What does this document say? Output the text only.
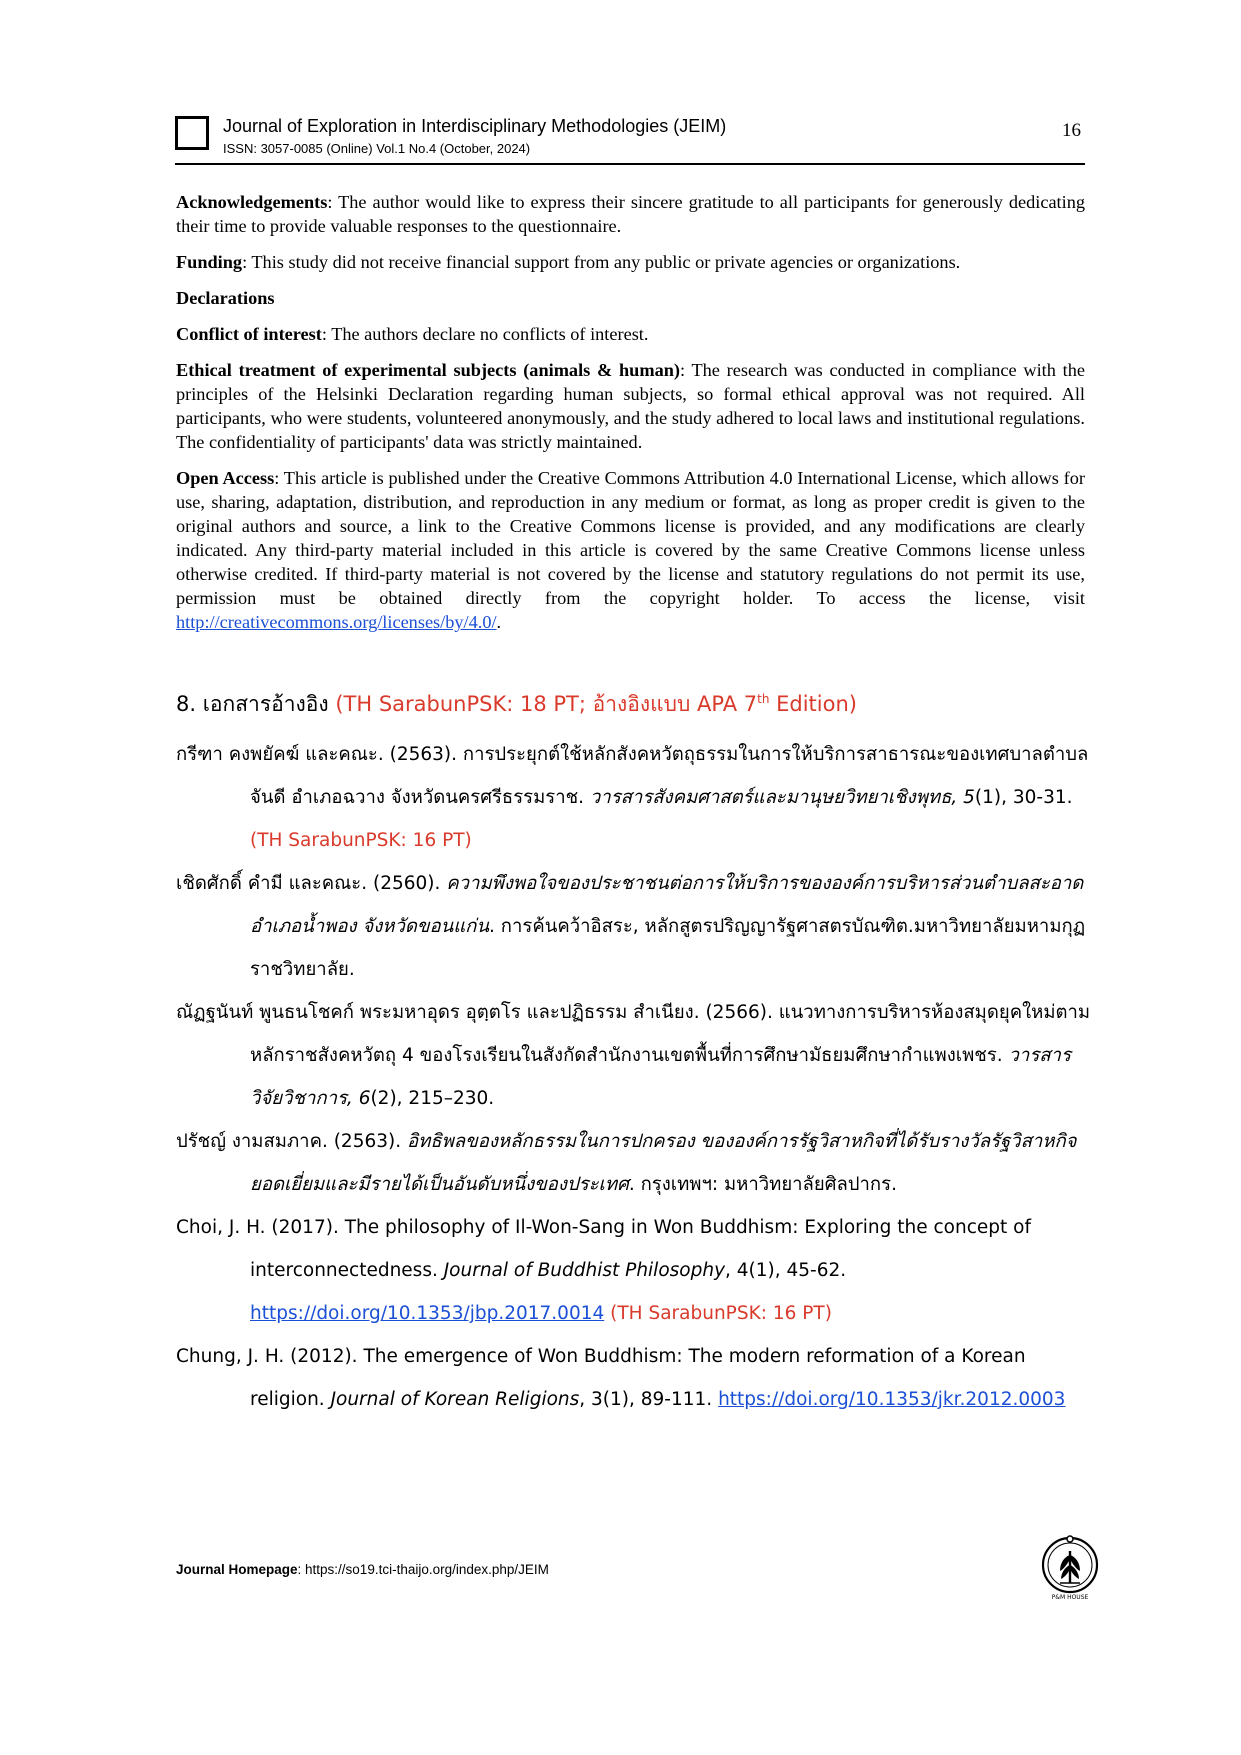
Journal of Exploration in Interdisciplinary Methodologies (JEIM)
ISSN: 3057-0085 (Online) Vol.1 No.4 (October, 2024)
16

Acknowledgements: The author would like to express their sincere gratitude to all participants for generously dedicating their time to provide valuable responses to the questionnaire.

Funding: This study did not receive financial support from any public or private agencies or organizations.

Declarations

Conflict of interest: The authors declare no conflicts of interest.

Ethical treatment of experimental subjects (animals & human): The research was conducted in compliance with the principles of the Helsinki Declaration regarding human subjects, so formal ethical approval was not required. All participants, who were students, volunteered anonymously, and the study adhered to local laws and institutional regulations. The confidentiality of participants' data was strictly maintained.

Open Access: This article is published under the Creative Commons Attribution 4.0 International License, which allows for use, sharing, adaptation, distribution, and reproduction in any medium or format, as long as proper credit is given to the original authors and source, a link to the Creative Commons license is provided, and any modifications are clearly indicated. Any third-party material included in this article is covered by the same Creative Commons license unless otherwise credited. If third-party material is not covered by the license and statutory regulations do not permit its use, permission must be obtained directly from the copyright holder. To access the license, visit http://creativecommons.org/licenses/by/4.0/.

8. เอกสารอ้างอิง (TH SarabunPSK: 18 PT; อ้างอิงแบบ APA 7th Edition)

กรีฑา คงพยัคฆ์ และคณะ. (2563). การประยุกต์ใช้หลักสังคหวัตถุธรรมในการให้บริการสาธารณะของเทศบาลตำบลจันดี อำเภอฉวาง จังหวัดนครศรีธรรมราช. วารสารสังคมศาสตร์และมานุษยวิทยาเชิงพุทธ, 5(1), 30-31. (TH SarabunPSK: 16 PT)

เชิดศักดิ์ คำมี และคณะ. (2560). ความพึงพอใจของประชาชนต่อการให้บริการขององค์การบริหารส่วนตำบลสะอาด อำเภอน้ำพอง จังหวัดขอนแก่น. การค้นคว้าอิสระ, หลักสูตรปริญญารัฐศาสตรบัณฑิต.มหาวิทยาลัยมหามกุฏราชวิทยาลัย.

ณัฏฐนันท์ พูนธนโชคก์ พระมหาอุดร อุตฺตโร และปฏิธรรม สำเนียง. (2566). แนวทางการบริหารห้องสมุดยุคใหม่ตามหลักราชสังคหวัตถุ 4 ของโรงเรียนในสังกัดสำนักงานเขตพื้นที่การศึกษามัธยมศึกษากำแพงเพชร. วารสารวิจัยวิชาการ, 6(2), 215–230.

ปรัชญ์ งามสมภาค. (2563). อิทธิพลของหลักธรรมในการปกครอง ขององค์การรัฐวิสาหกิจที่ได้รับรางวัลรัฐวิสาหกิจยอดเยี่ยมและมีรายได้เป็นอันดับหนึ่งของประเทศ. กรุงเทพฯ: มหาวิทยาลัยศิลปากร.

Choi, J. H. (2017). The philosophy of Il-Won-Sang in Won Buddhism: Exploring the concept of interconnectedness. Journal of Buddhist Philosophy, 4(1), 45-62. https://doi.org/10.1353/jbp.2017.0014 (TH SarabunPSK: 16 PT)

Chung, J. H. (2012). The emergence of Won Buddhism: The modern reformation of a Korean religion. Journal of Korean Religions, 3(1), 89-111. https://doi.org/10.1353/jkr.2012.0003

Journal Homepage: https://so19.tci-thaijo.org/index.php/JEIM
P&M HOUSE
